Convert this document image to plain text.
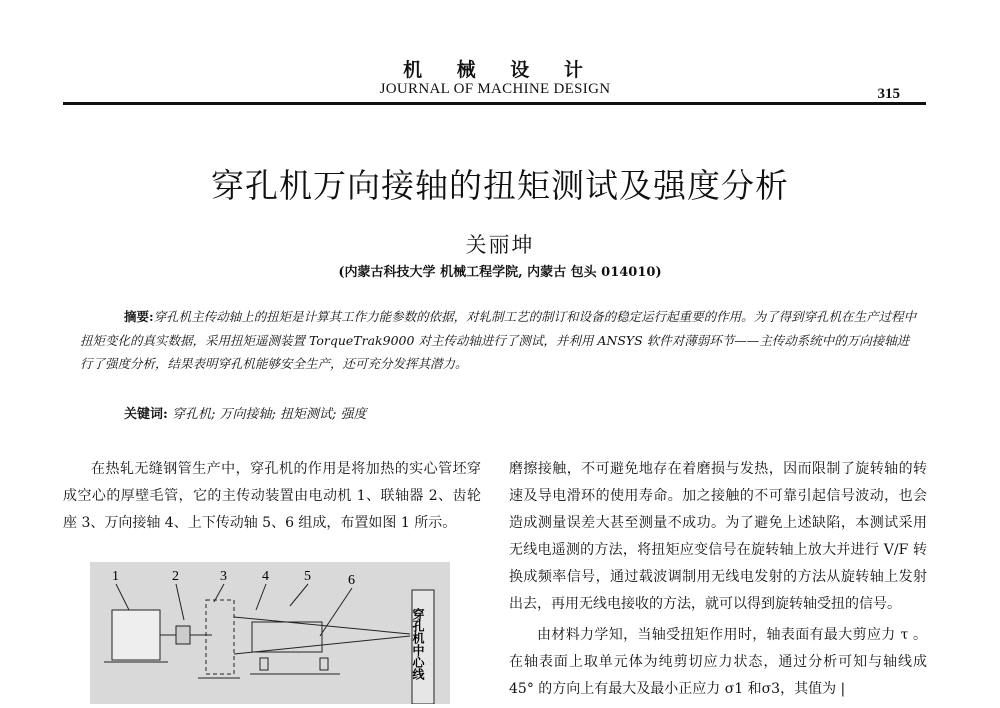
机 械 设 计
JOURNAL OF MACHINE DESIGN	315
穿孔机万向接轴的扭矩测试及强度分析
关丽坤
(内蒙古科技大学 机械工程学院, 内蒙古 包头 014010)
摘要:穿孔机主传动轴上的扭矩是计算其工作力能参数的依据，对轧制工艺的制订和设备的稳定运行起重要的作用。为了得到穿孔机在生产过程中扭矩变化的真实数据，采用扭矩遥测装置 TorqueTrak9000 对主传动轴进行了测试，并利用 ANSYS 软件对薄弱环节——主传动系统中的万向接轴进行了强度分析，结果表明穿孔机能够安全生产，还可充分发挥其潜力。
关键词: 穿孔机; 万向接轴; 扭矩测试; 强度
在热轧无缝钢管生产中，穿孔机的作用是将加热的实心管坯穿成空心的厚壁毛管，它的主传动装置由电动机 1、联轴器 2、齿轮座 3、万向接轴 4、上下传动轴 5、6 组成，布置如图 1 所示。
磨擦接触，不可避免地存在着磨损与发热，因而限制了旋转轴的转速及导电滑环的使用寿命。加之接触的不可靠引起信号波动，也会造成测量误差大甚至测量不成功。为了避免上述缺陷，本测试采用无线电遥测的方法，将扭矩应变信号在旋转轴上放大并进行 V/F 转换成频率信号，通过载波调制用无线电发射的方法从旋转轴上发射出去，再用无线电接收的方法，就可以得到旋转轴受扭的信号。
由材料力学知，当轴受扭矩作用时，轴表面有最大剪应力 τ 。在轴表面上取单元体为纯剪切应力状态，通过分析可知与轴线成 45° 的方向上有最大及最小正应力 σ1 和σ3，其值为 |
1	2	3	4	5	6
穿孔机中心线
